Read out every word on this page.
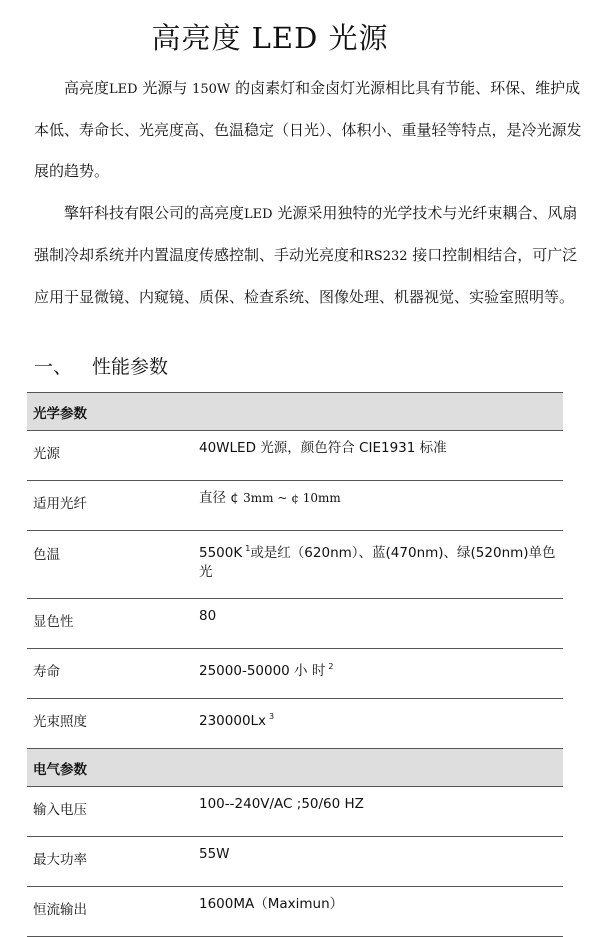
高亮度 LED 光源
高亮度LED 光源与 150W 的卤素灯和金卤灯光源相比具有节能、环保、维护成本低、寿命长、光亮度高、色温稳定（日光）、体积小、重量轻等特点，是冷光源发展的趋势。
擎轩科技有限公司的高亮度LED 光源采用独特的光学技术与光纤束耦合、风扇强制冷却系统并内置温度传感控制、手动光亮度和RS232 接口控制相结合，可广泛应用于显微镜、内窥镜、质保、检查系统、图像处理、机器视觉、实验室照明等。
一、 性能参数
光学参数	
光源	40WLED 光源，颜色符合 CIE1931 标准
适用光纤	直径 ¢ 3mm ~ ¢ 10mm
色温	5500K $^1$或是红（620nm）、蓝(470nm)、绿(520nm)单色光
显色性	80
寿命	25000-50000 小 时 $^2$
光束照度	230000Lx $^3$
电气参数	
输入电压	100--240V/AC ;50/60 HZ
最大功率	55W
恒流输出	1600MA（Maximun）
